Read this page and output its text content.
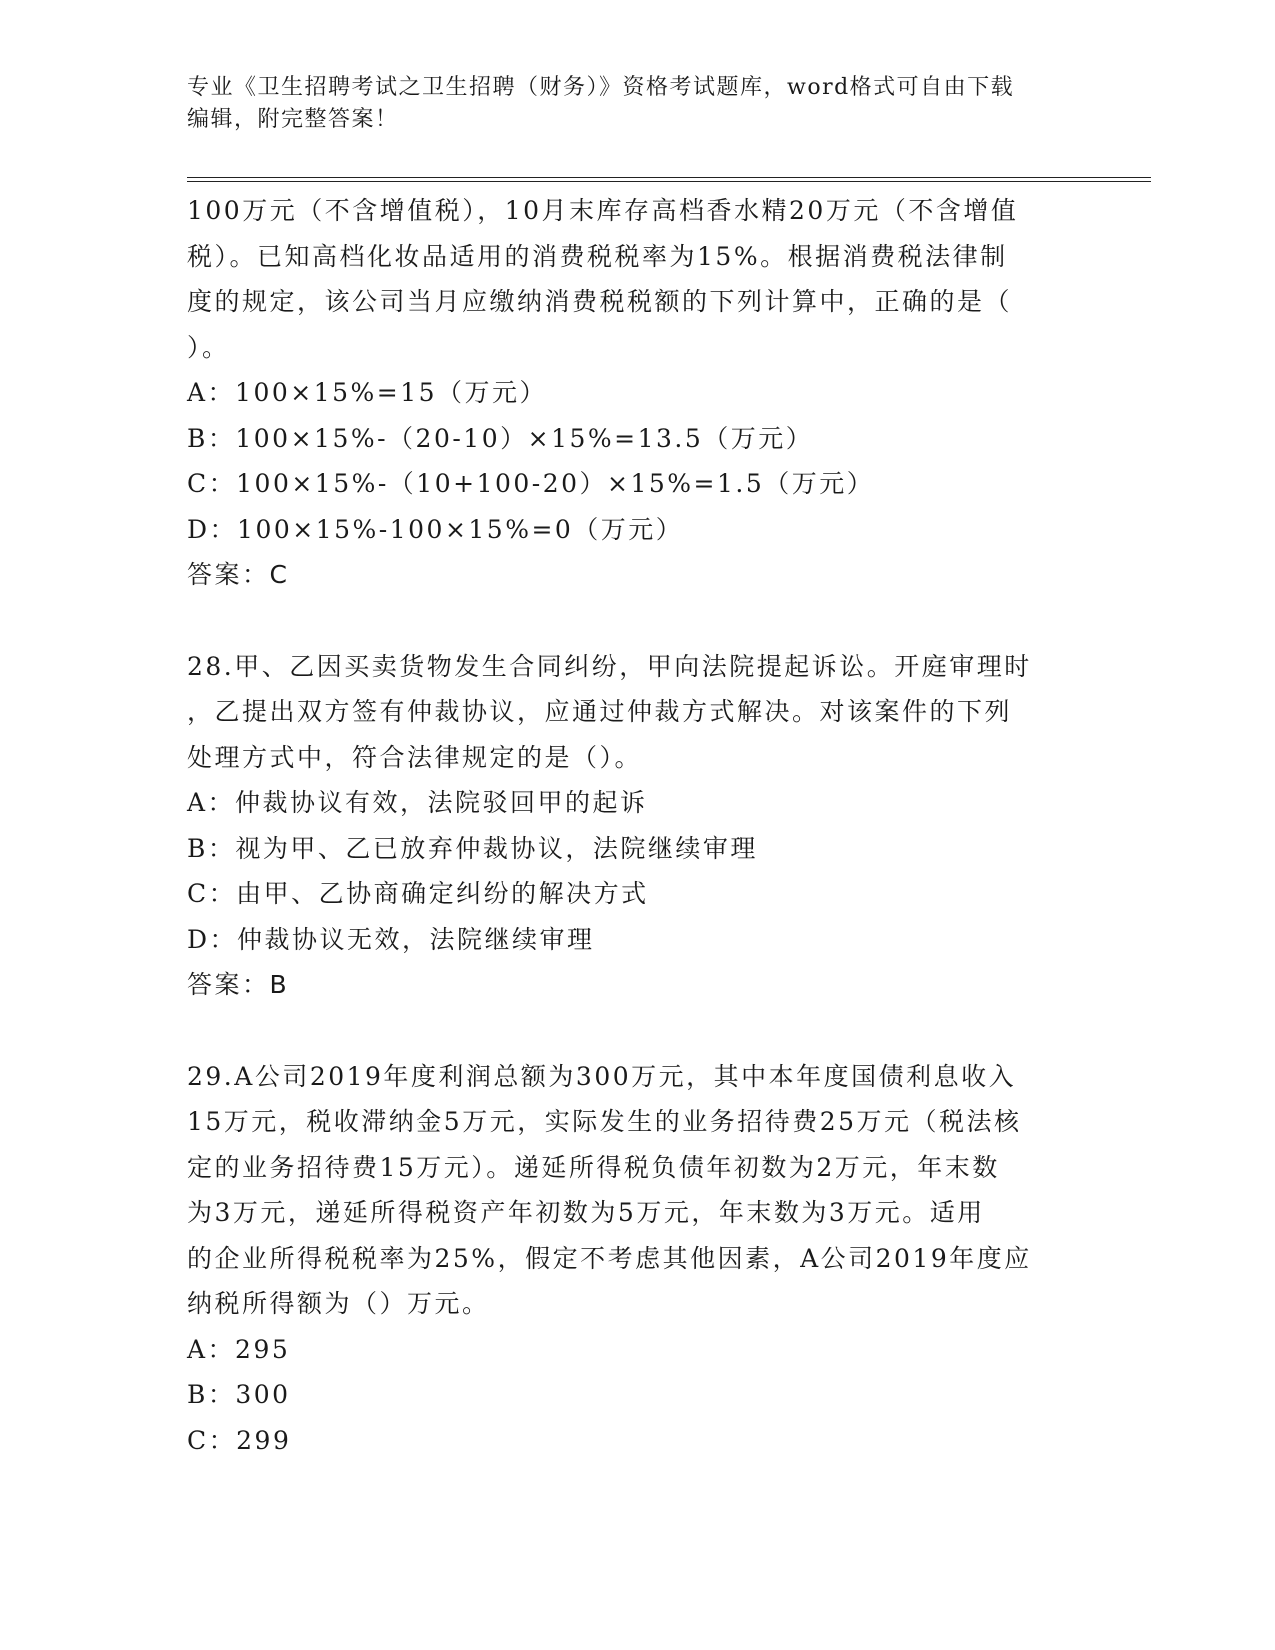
专业《卫生招聘考试之卫生招聘（财务）》资格考试题库，word格式可自由下载
编辑，附完整答案！
100万元（不含增值税），10月末库存高档香水精20万元（不含增值
税）。已知高档化妆品适用的消费税税率为15%。根据消费税法律制
度的规定，该公司当月应缴纳消费税税额的下列计算中，正确的是（
）。
A：100×15%=15（万元）
B：100×15%-（20-10）×15%=13.5（万元）
C：100×15%-（10+100-20）×15%=1.5（万元）
D：100×15%-100×15%=0（万元）
答案：C
28.甲、乙因买卖货物发生合同纠纷，甲向法院提起诉讼。开庭审理时
，乙提出双方签有仲裁协议，应通过仲裁方式解决。对该案件的下列
处理方式中，符合法律规定的是（）。
A：仲裁协议有效，法院驳回甲的起诉
B：视为甲、乙已放弃仲裁协议，法院继续审理
C：由甲、乙协商确定纠纷的解决方式
D：仲裁协议无效，法院继续审理
答案：B
29.A公司2019年度利润总额为300万元，其中本年度国债利息收入
15万元，税收滞纳金5万元，实际发生的业务招待费25万元（税法核
定的业务招待费15万元）。递延所得税负债年初数为2万元，年末数
为3万元，递延所得税资产年初数为5万元，年末数为3万元。适用
的企业所得税税率为25%，假定不考虑其他因素，A公司2019年度应
纳税所得额为（）万元。
A：295
B：300
C：299
